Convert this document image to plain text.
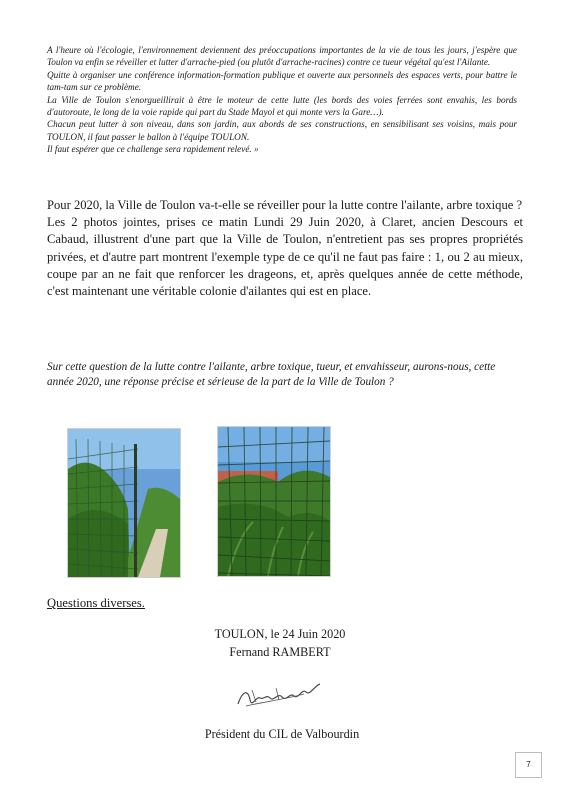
A l'heure où l'écologie, l'environnement deviennent des préoccupations importantes de la vie de tous les jours, j'espère que Toulon va enfin se réveiller et lutter d'arrache-pied (ou plutôt d'arrache-racines) contre ce tueur végétal qu'est l'Ailante.

Quitte à organiser une conférence information-formation publique et ouverte aux personnels des espaces verts, pour battre le tam-tam sur ce problème.

La Ville de Toulon s'enorgueillirait à être le moteur de cette lutte (les bords des voies ferrées sont envahis, les bords d'autoroute, le long de la voie rapide qui part du Stade Mayol et qui monte vers la Gare…).

Chacun peut lutter à son niveau, dans son jardin, aux abords de ses constructions, en sensibilisant ses voisins, mais pour TOULON, il faut passer le ballon à l'équipe TOULON.

Il faut espérer que ce challenge sera rapidement relevé. »

Pour 2020, la Ville de Toulon va-t-elle se réveiller pour la lutte contre l'ailante, arbre toxique ?

Les 2 photos jointes, prises ce matin Lundi 29 Juin 2020, à Claret, ancien Descours et Cabaud, illustrent d'une part que la Ville de Toulon, n'entretient pas ses propres propriétés privées, et d'autre part montrent l'exemple type de ce qu'il ne faut pas faire : 1, ou 2 au mieux, coupe par an ne fait que renforcer les drageons, et, après quelques année de cette méthode, c'est maintenant une véritable colonie d'ailantes qui est en place.

Sur cette question de la lutte contre l'ailante, arbre toxique, tueur, et envahisseur, aurons-nous, cette année 2020, une réponse précise et sérieuse de la part de la Ville de Toulon ?
Questions diverses.
TOULON, le 24 Juin 2020
Fernand RAMBERT
Président du CIL de Valbourdin
7
